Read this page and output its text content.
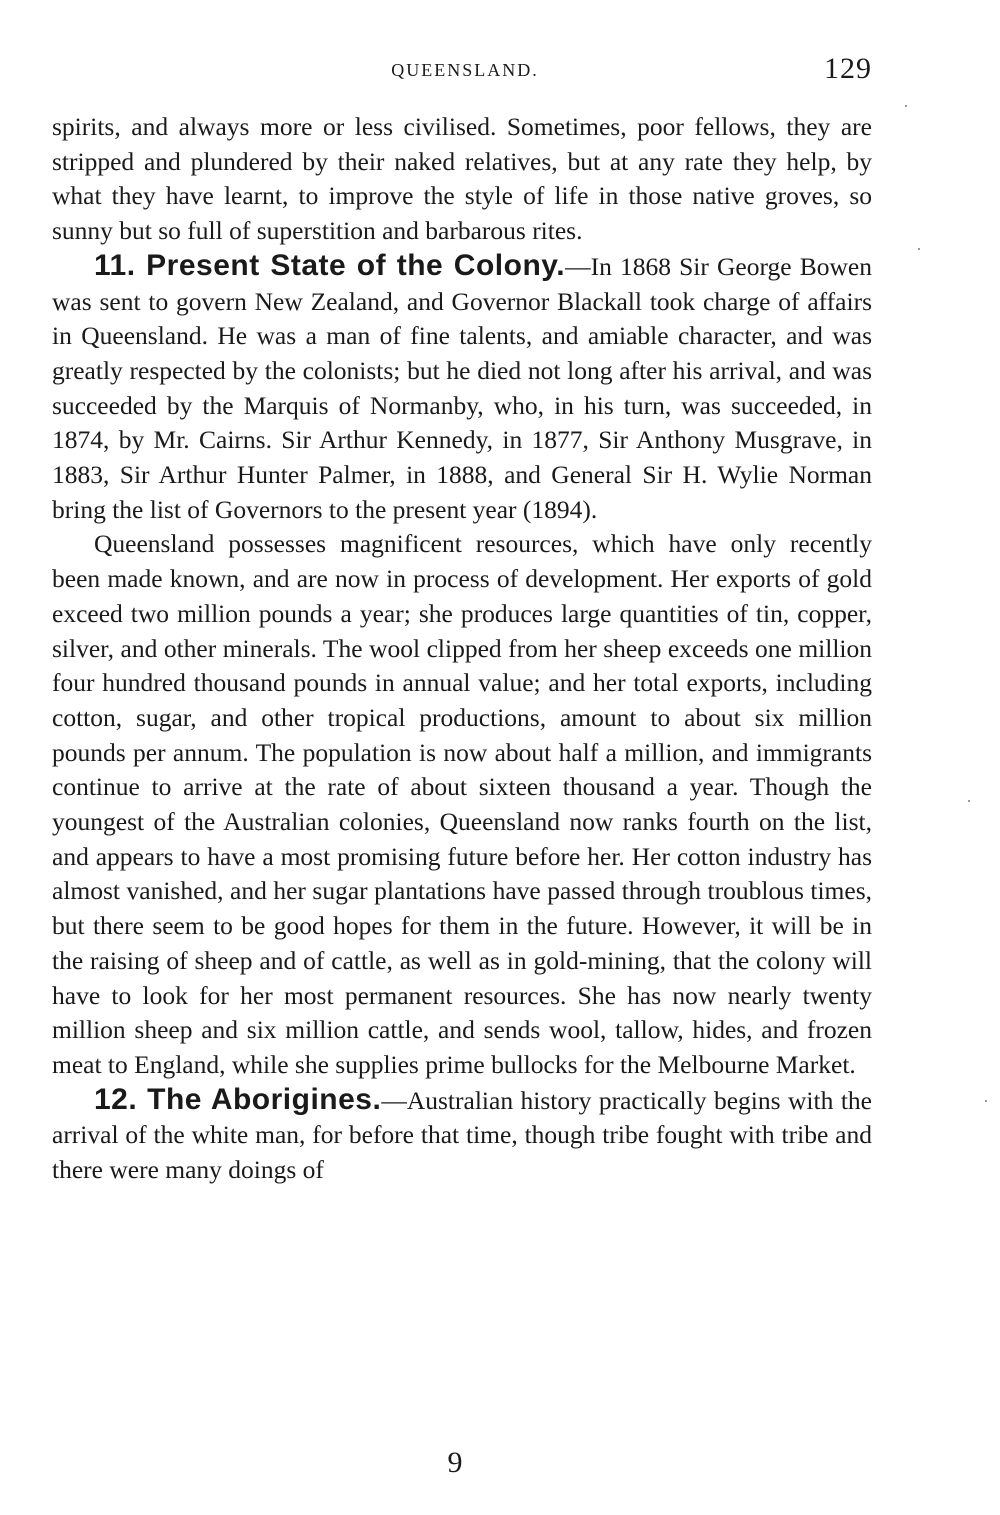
QUEENSLAND.	129

spirits, and always more or less civilised. Sometimes, poor fellows, they are stripped and plundered by their naked relatives, but at any rate they help, by what they have learnt, to improve the style of life in those native groves, so sunny but so full of superstition and barbarous rites.

11. Present State of the Colony.—In 1868 Sir George Bowen was sent to govern New Zealand, and Governor Blackall took charge of affairs in Queensland. He was a man of fine talents, and amiable character, and was greatly respected by the colonists; but he died not long after his arrival, and was succeeded by the Marquis of Normanby, who, in his turn, was succeeded, in 1874, by Mr. Cairns. Sir Arthur Kennedy, in 1877, Sir Anthony Musgrave, in 1883, Sir Arthur Hunter Palmer, in 1888, and General Sir H. Wylie Norman bring the list of Governors to the present year (1894).

Queensland possesses magnificent resources, which have only recently been made known, and are now in process of development. Her exports of gold exceed two million pounds a year; she produces large quantities of tin, copper, silver, and other minerals. The wool clipped from her sheep exceeds one million four hundred thousand pounds in annual value; and her total exports, including cotton, sugar, and other tropical productions, amount to about six million pounds per annum. The population is now about half a million, and immigrants continue to arrive at the rate of about sixteen thousand a year. Though the youngest of the Australian colonies, Queensland now ranks fourth on the list, and appears to have a most promising future before her. Her cotton industry has almost vanished, and her sugar plantations have passed through troublous times, but there seem to be good hopes for them in the future. However, it will be in the raising of sheep and of cattle, as well as in gold-mining, that the colony will have to look for her most permanent resources. She has now nearly twenty million sheep and six million cattle, and sends wool, tallow, hides, and frozen meat to England, while she supplies prime bullocks for the Melbourne Market.

12. The Aborigines.—Australian history practically begins with the arrival of the white man, for before that time, though tribe fought with tribe and there were many doings of

9
